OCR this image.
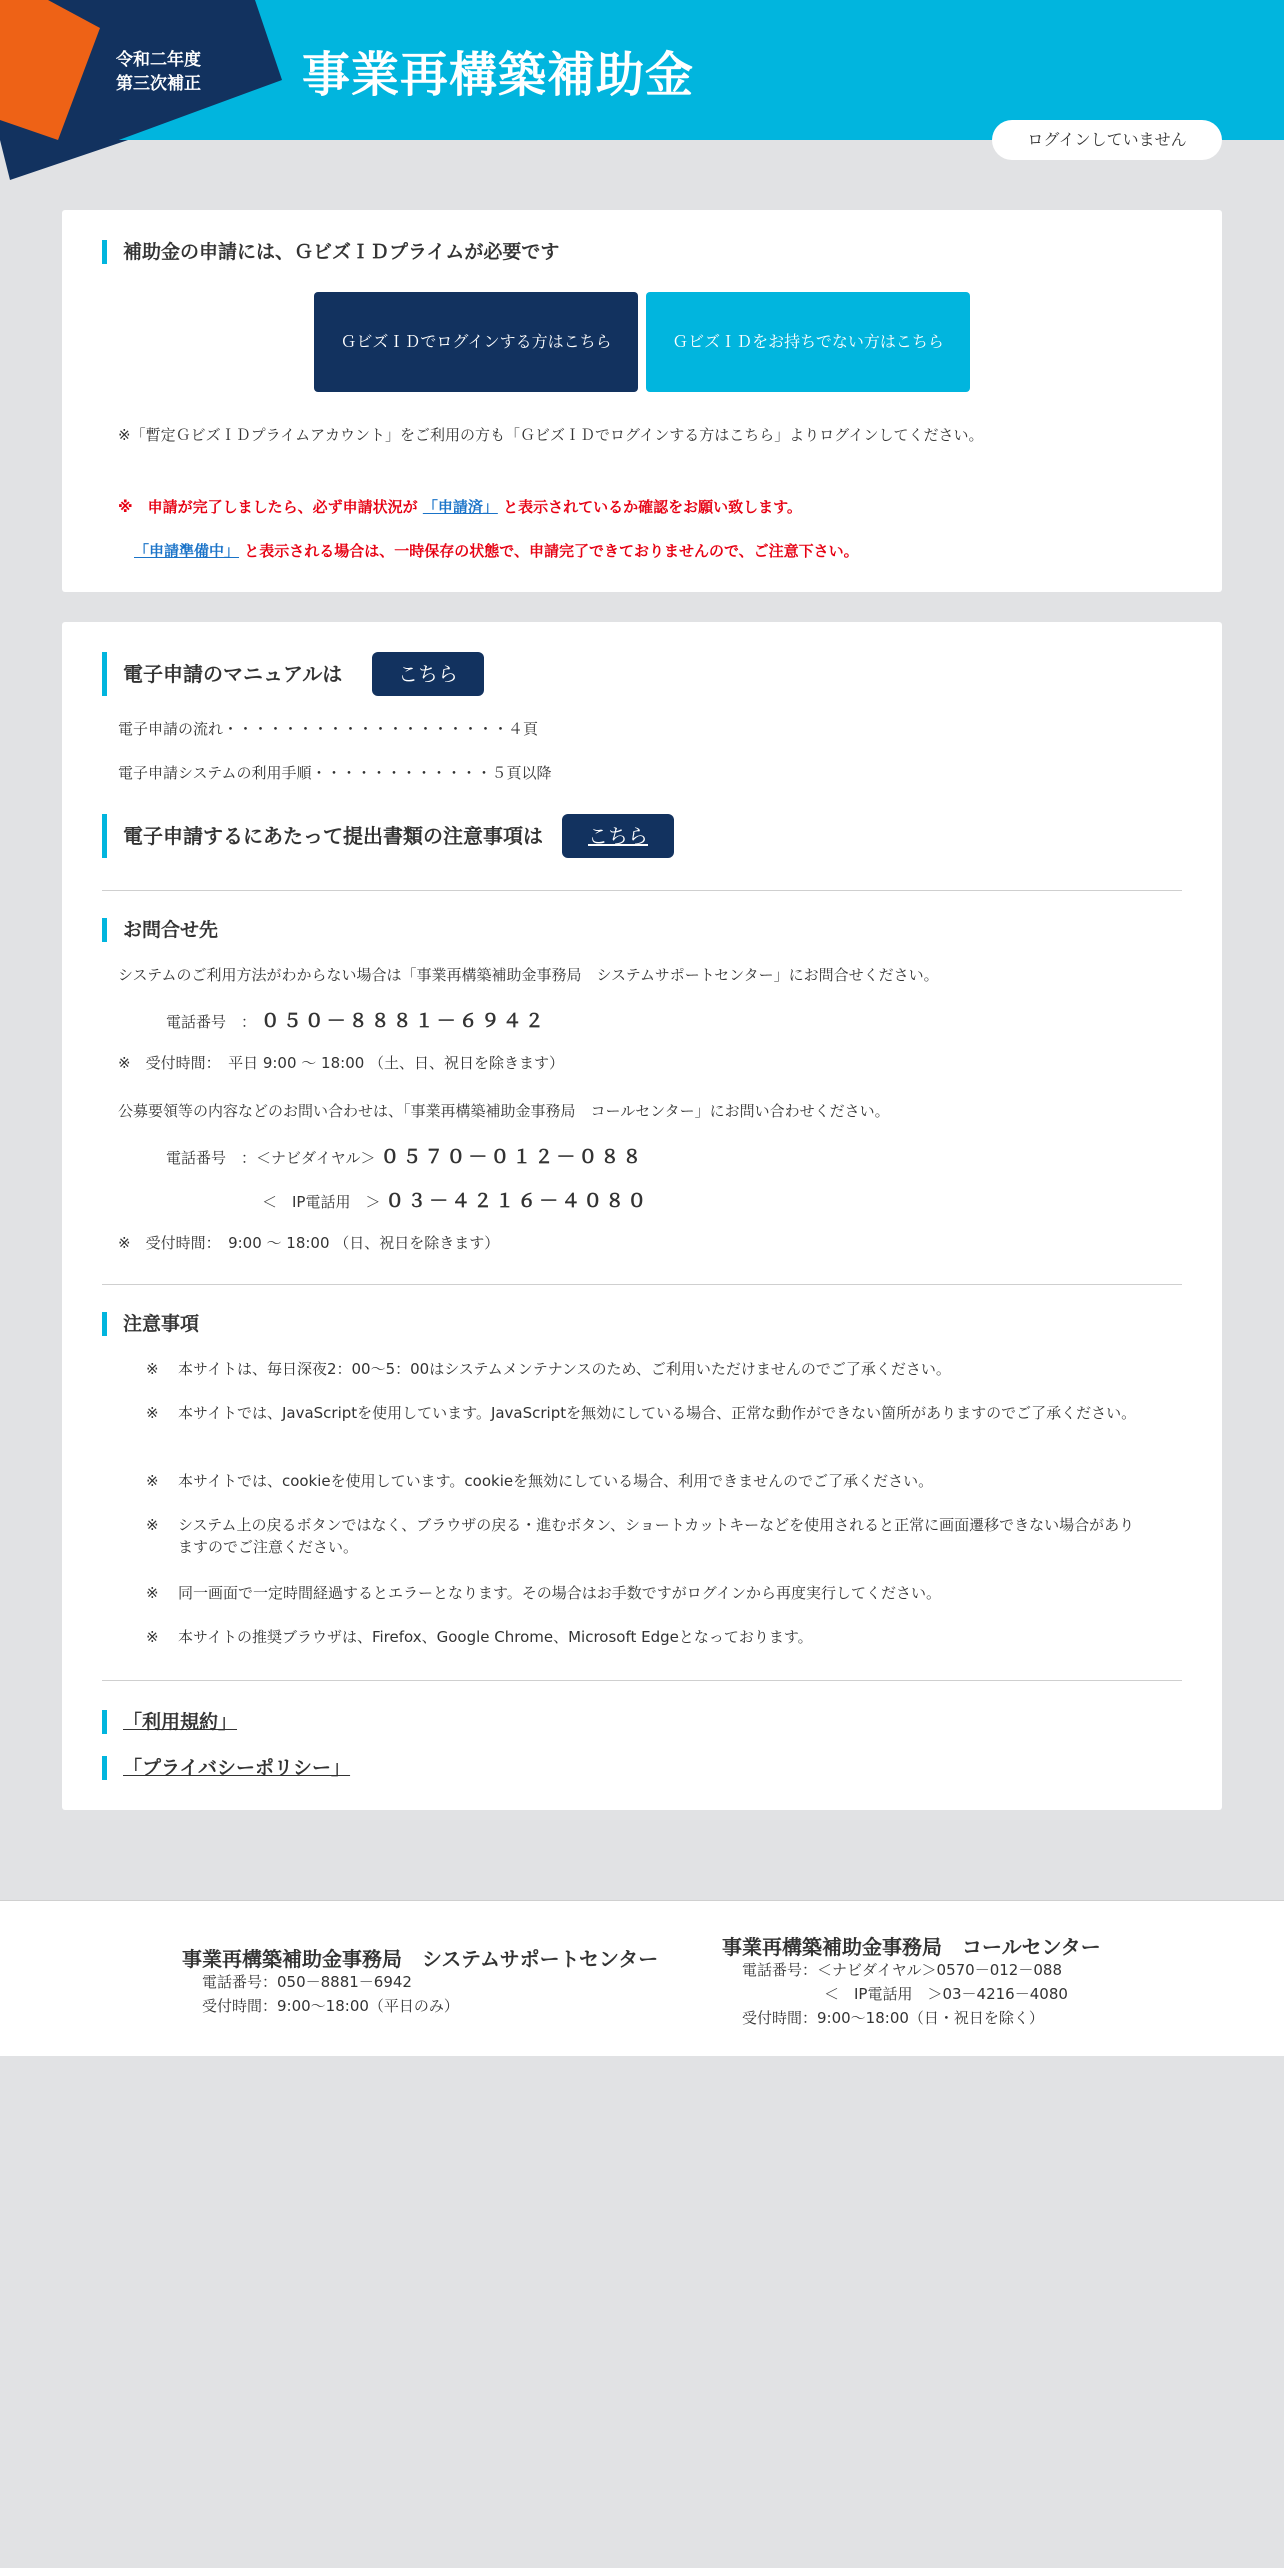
令和二年度
第三次補正 事業再構築補助金
ログインしていません
補助金の申請には、ＧビズＩＤプライムが必要です
ＧビズＩＤでログインする方はこちら	ＧビズＩＤをお持ちでない方はこちら
※「暫定ＧビズＩＤプライムアカウント」をご利用の方も「ＧビズＩＤでログインする方はこちら」よりログインしてください。
※　申請が完了しましたら、必ず申請状況が 「申請済」 と表示されているか確認をお願い致します。
「申請準備中」 と表示される場合は、一時保存の状態で、申請完了できておりませんので、ご注意下さい。
電子申請のマニュアルは	こちら
電子申請の流れ・・・・・・・・・・・・・・・・・・・４頁
電子申請システムの利用手順・・・・・・・・・・・・５頁以降
電子申請するにあたって提出書類の注意事項は	こちら
お問合せ先
システムのご利用方法がわからない場合は「事業再構築補助金事務局　システムサポートセンター」にお問合せください。
電話番号　： ０５０－８８８１－６９４２
※　受付時間：　平日 9:00 〜 18:00 （土、日、祝日を除きます）
公募要領等の内容などのお問い合わせは、「事業再構築補助金事務局　コールセンター」にお問い合わせください。
電話番号　：＜ナビダイヤル＞ ０５７０－０１２－０８８
＜　IP電話用　＞ ０３－４２１６－４０８０
※　受付時間：　9:00 〜 18:00 （日、祝日を除きます）
注意事項
※ 本サイトは、毎日深夜2：00〜5：00はシステムメンテナンスのため、ご利用いただけませんのでご了承ください。
※ 本サイトでは、JavaScriptを使用しています。JavaScriptを無効にしている場合、正常な動作ができない箇所がありますのでご了承ください。
※ 本サイトでは、cookieを使用しています。cookieを無効にしている場合、利用できませんのでご了承ください。
※ システム上の戻るボタンではなく、ブラウザの戻る・進むボタン、ショートカットキーなどを使用されると正常に画面遷移できない場合がありますのでご注意ください。
※ 同一画面で一定時間経過するとエラーとなります。その場合はお手数ですがログインから再度実行してください。
※ 本サイトの推奨ブラウザは、Firefox、Google Chrome、Microsoft Edgeとなっております。
「利用規約」
「プライバシーポリシー」
事業再構築補助金事務局　システムサポートセンター
電話番号：050－8881－6942
受付時間：9:00〜18:00（平日のみ）
事業再構築補助金事務局　コールセンター
電話番号：＜ナビダイヤル＞0570－012－088
＜　IP電話用　＞03－4216－4080
受付時間：9:00〜18:00（日・祝日を除く）
